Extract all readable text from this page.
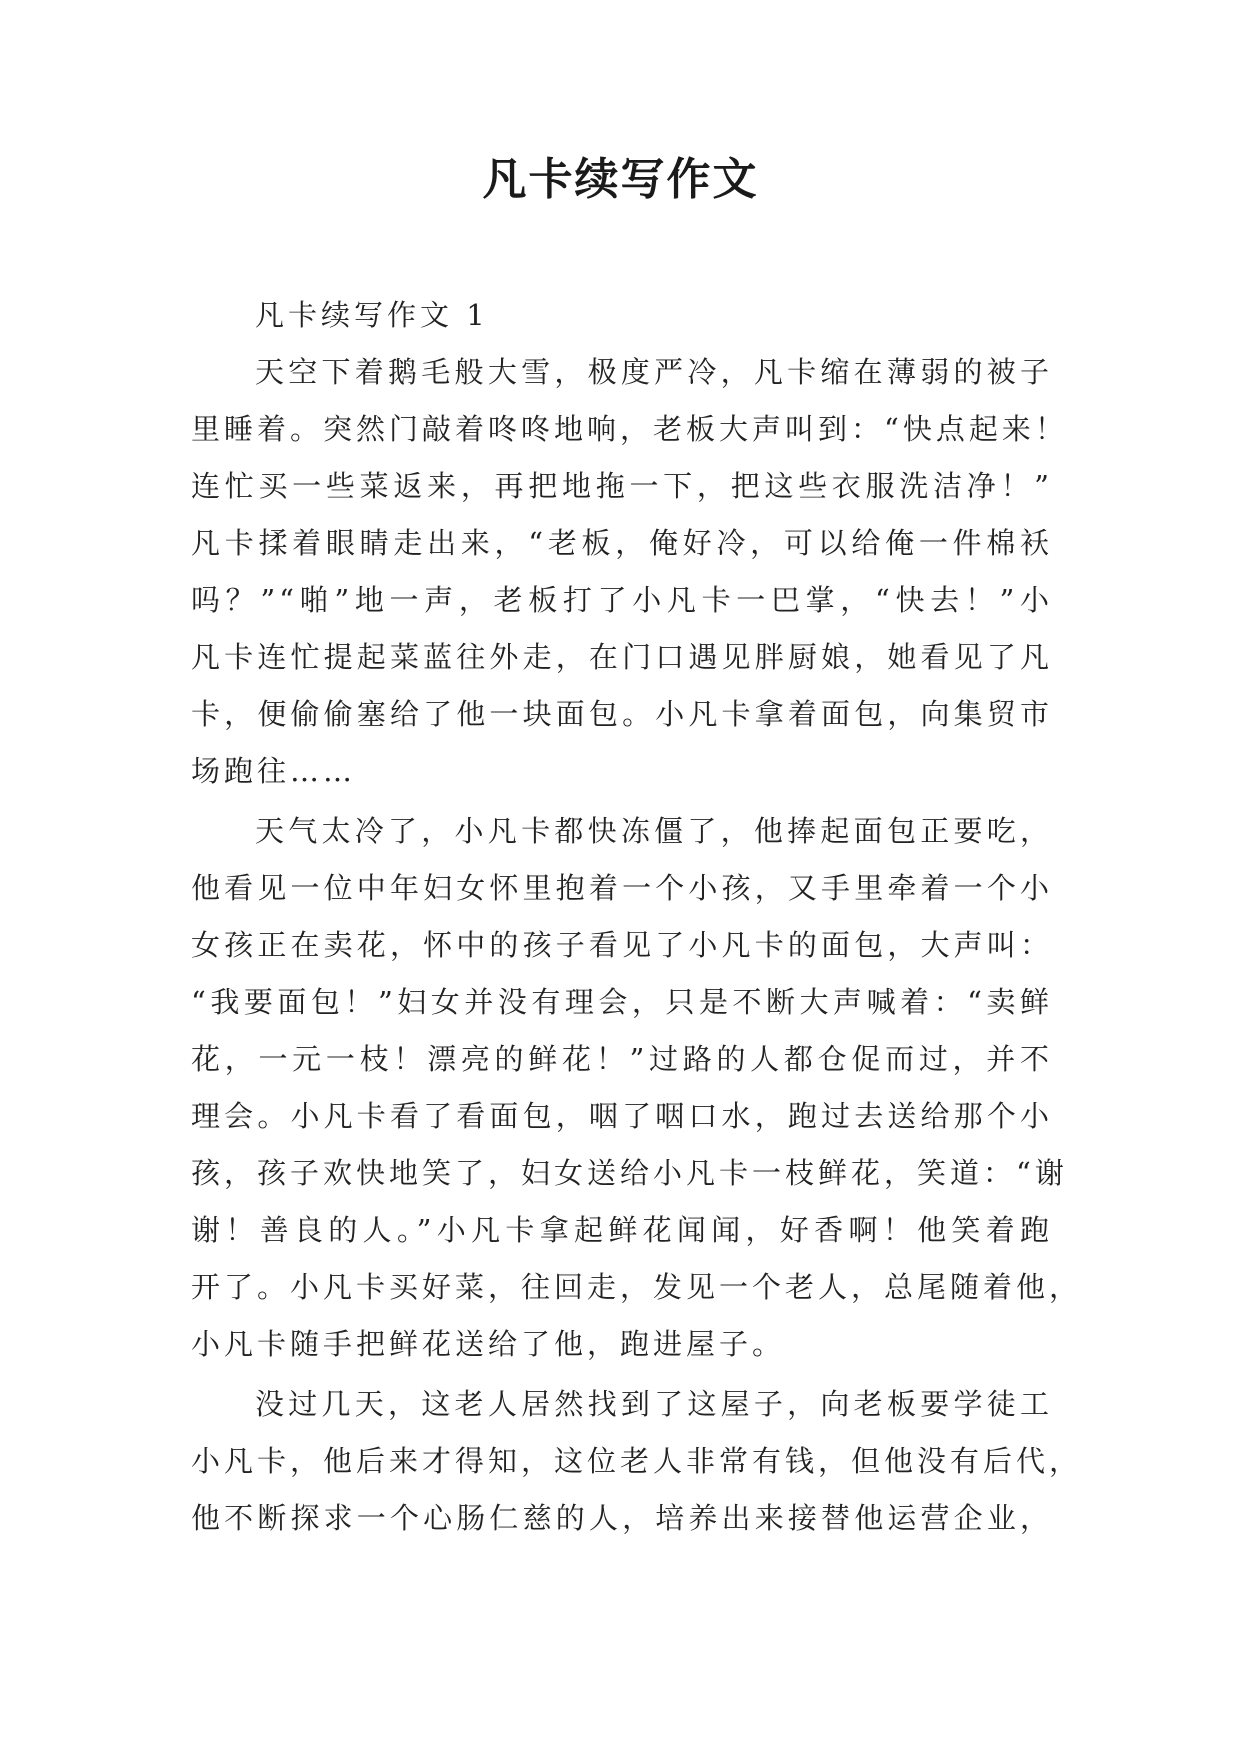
凡卡续写作文
凡卡续写作文 1
天空下着鹅毛般大雪，极度严冷，凡卡缩在薄弱的被子
里睡着。突然门敲着咚咚地响，老板大声叫到：“快点起来！
连忙买一些菜返来，再把地拖一下，把这些衣服洗洁净！”
凡卡揉着眼睛走出来，“老板，俺好冷，可以给俺一件棉袄
吗？”“啪”地一声，老板打了小凡卡一巴掌，“快去！”小
凡卡连忙提起菜蓝往外走，在门口遇见胖厨娘，她看见了凡
卡，便偷偷塞给了他一块面包。小凡卡拿着面包，向集贸市
场跑往……
天气太冷了，小凡卡都快冻僵了，他捧起面包正要吃，
他看见一位中年妇女怀里抱着一个小孩，又手里牵着一个小
女孩正在卖花，怀中的孩子看见了小凡卡的面包，大声叫：
“我要面包！”妇女并没有理会，只是不断大声喊着：“卖鲜
花，一元一枝！漂亮的鲜花！”过路的人都仓促而过，并不
理会。小凡卡看了看面包，咽了咽口水，跑过去送给那个小
孩，孩子欢快地笑了，妇女送给小凡卡一枝鲜花，笑道：“谢
谢！善良的人。”小凡卡拿起鲜花闻闻，好香啊！他笑着跑
开了。小凡卡买好菜，往回走，发见一个老人，总尾随着他，
小凡卡随手把鲜花送给了他，跑进屋子。
没过几天，这老人居然找到了这屋子，向老板要学徒工
小凡卡，他后来才得知，这位老人非常有钱，但他没有后代，
他不断探求一个心肠仁慈的人，培养出来接替他运营企业，
